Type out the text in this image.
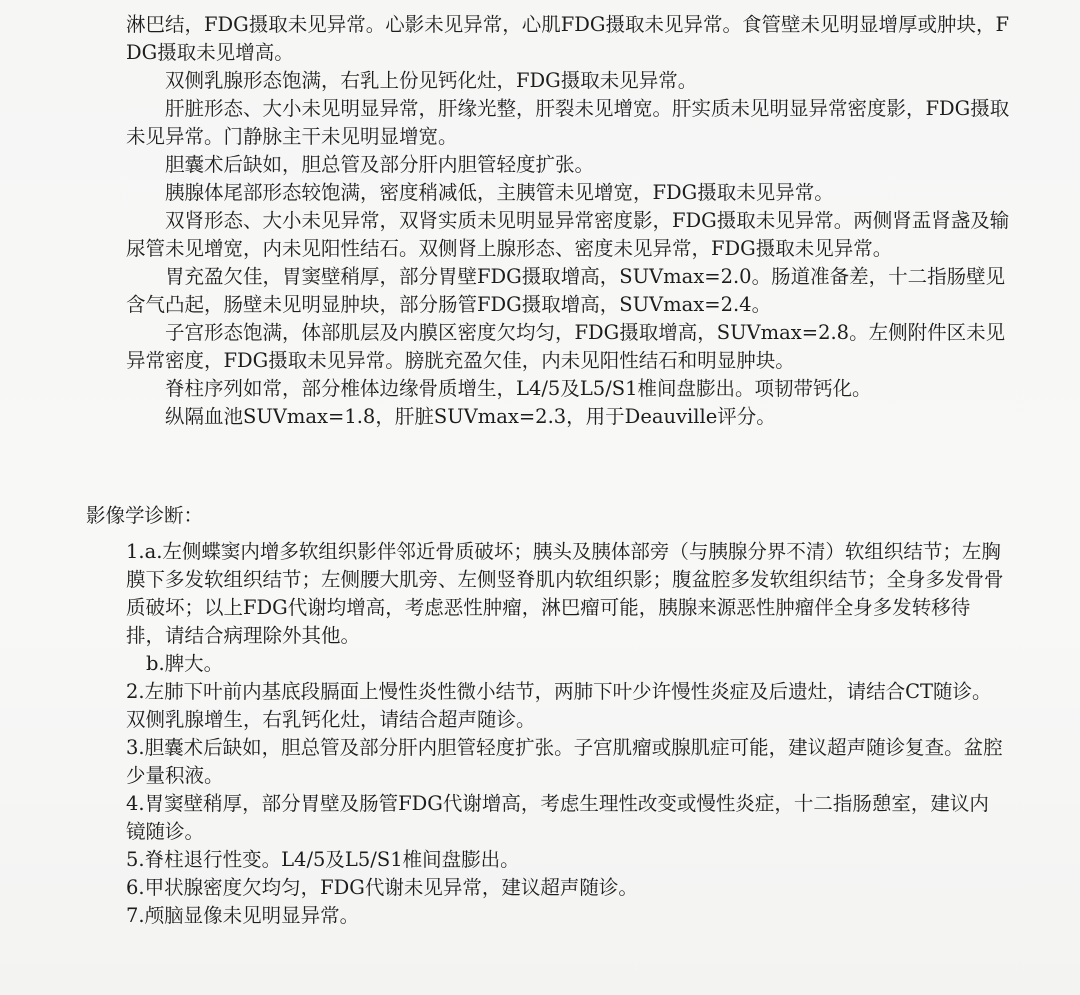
淋巴结，FDG摄取未见异常。心影未见异常，心肌FDG摄取未见异常。食管壁未见明显增厚或肿块，FDG摄取未见增高。

双侧乳腺形态饱满，右乳上份见钙化灶，FDG摄取未见异常。

肝脏形态、大小未见明显异常，肝缘光整，肝裂未见增宽。肝实质未见明显异常密度影，FDG摄取未见异常。门静脉主干未见明显增宽。

胆囊术后缺如，胆总管及部分肝内胆管轻度扩张。

胰腺体尾部形态较饱满，密度稍减低，主胰管未见增宽，FDG摄取未见异常。

双肾形态、大小未见异常，双肾实质未见明显异常密度影，FDG摄取未见异常。两侧肾盂肾盏及输尿管未见增宽，内未见阳性结石。双侧肾上腺形态、密度未见异常，FDG摄取未见异常。

胃充盈欠佳，胃窦壁稍厚，部分胃壁FDG摄取增高，SUVmax=2.0。肠道准备差，十二指肠壁见含气凸起，肠壁未见明显肿块，部分肠管FDG摄取增高，SUVmax=2.4。

子宫形态饱满，体部肌层及内膜区密度欠均匀，FDG摄取增高，SUVmax=2.8。左侧附件区未见异常密度，FDG摄取未见异常。膀胱充盈欠佳，内未见阳性结石和明显肿块。

脊柱序列如常，部分椎体边缘骨质增生，L4/5及L5/S1椎间盘膨出。项韧带钙化。

纵隔血池SUVmax=1.8，肝脏SUVmax=2.3，用于Deauville评分。

影像学诊断：

1.a.左侧蝶窦内增多软组织影伴邻近骨质破坏；胰头及胰体部旁（与胰腺分界不清）软组织结节；左胸膜下多发软组织结节；左侧腰大肌旁、左侧竖脊肌内软组织影；腹盆腔多发软组织结节；全身多发骨骨质破坏；以上FDG代谢均增高，考虑恶性肿瘤，淋巴瘤可能，胰腺来源恶性肿瘤伴全身多发转移待排，请结合病理除外其他。

b.脾大。

2.左肺下叶前内基底段膈面上慢性炎性微小结节，两肺下叶少许慢性炎症及后遗灶，请结合CT随诊。双侧乳腺增生，右乳钙化灶，请结合超声随诊。

3.胆囊术后缺如，胆总管及部分肝内胆管轻度扩张。子宫肌瘤或腺肌症可能，建议超声随诊复查。盆腔少量积液。

4.胃窦壁稍厚，部分胃壁及肠管FDG代谢增高，考虑生理性改变或慢性炎症，十二指肠憩室，建议内镜随诊。

5.脊柱退行性变。L4/5及L5/S1椎间盘膨出。

6.甲状腺密度欠均匀，FDG代谢未见异常，建议超声随诊。

7.颅脑显像未见明显异常。
